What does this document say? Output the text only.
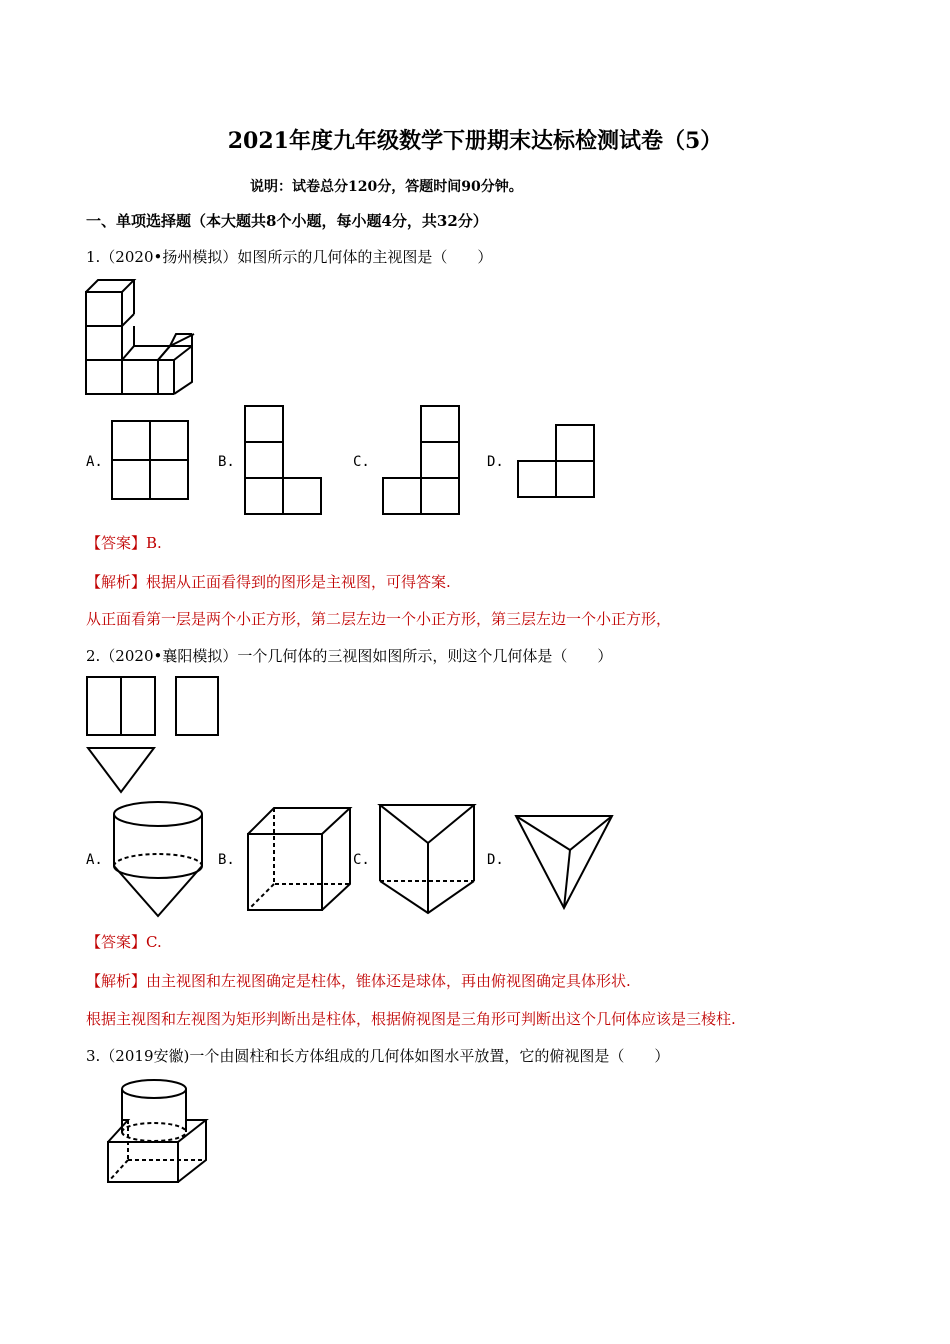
2021年度九年级数学下册期末达标检测试卷（5）
说明：试卷总分120分，答题时间90分钟。
一、单项选择题（本大题共8个小题，每小题4分，共32分）
1.（2020•扬州模拟）如图所示的几何体的主视图是（　　）
A.	B.	C.	D.
【答案】B.
【解析】根据从正面看得到的图形是主视图，可得答案.
从正面看第一层是两个小正方形，第二层左边一个小正方形，第三层左边一个小正方形，
2.（2020•襄阳模拟）一个几何体的三视图如图所示，则这个几何体是（　　）
A.	B.	C.	D.
【答案】C.
【解析】由主视图和左视图确定是柱体，锥体还是球体，再由俯视图确定具体形状.
根据主视图和左视图为矩形判断出是柱体，根据俯视图是三角形可判断出这个几何体应该是三棱柱.
3.（2019安徽)一个由圆柱和长方体组成的几何体如图水平放置，它的俯视图是（　　）
